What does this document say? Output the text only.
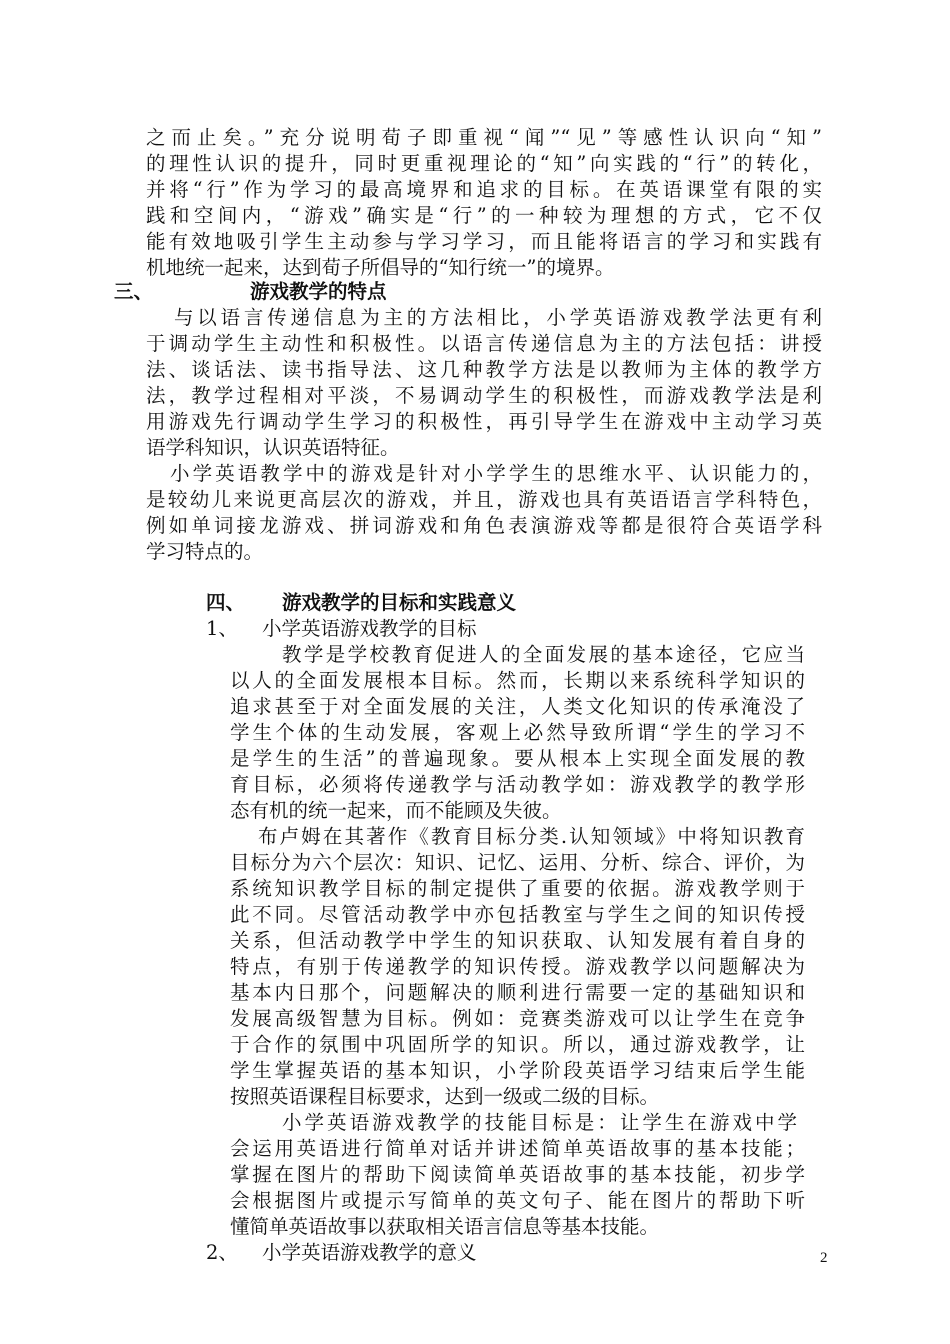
之而止矣。”充分说明荀子即重视“闻”“见”等感性认识向“知”
的理性认识的提升，同时更重视理论的“知”向实践的“行”的转化，
并将“行”作为学习的最高境界和追求的目标。在英语课堂有限的实
践和空间内，“游戏”确实是“行”的一种较为理想的方式，它不仅
能有效地吸引学生主动参与学习学习，而且能将语言的学习和实践有
机地统一起来，达到荀子所倡导的“知行统一”的境界。
三、	游戏教学的特点
与以语言传递信息为主的方法相比，小学英语游戏教学法更有利
于调动学生主动性和积极性。以语言传递信息为主的方法包括：讲授
法、谈话法、读书指导法、这几种教学方法是以教师为主体的教学方
法，教学过程相对平淡，不易调动学生的积极性，而游戏教学法是利
用游戏先行调动学生学习的积极性，再引导学生在游戏中主动学习英
语学科知识，认识英语特征。
小学英语教学中的游戏是针对小学学生的思维水平、认识能力的，
是较幼儿来说更高层次的游戏，并且，游戏也具有英语语言学科特色，
例如单词接龙游戏、拼词游戏和角色表演游戏等都是很符合英语学科
学习特点的。
四、 游戏教学的目标和实践意义
1、 小学英语游戏教学的目标
教学是学校教育促进人的全面发展的基本途径，它应当
以人的全面发展根本目标。然而，长期以来系统科学知识的
追求甚至于对全面发展的关注，人类文化知识的传承淹没了
学生个体的生动发展，客观上必然导致所谓“学生的学习不
是学生的生活”的普遍现象。要从根本上实现全面发展的教
育目标，必须将传递教学与活动教学如：游戏教学的教学形
态有机的统一起来，而不能顾及失彼。
布卢姆在其著作《教育目标分类.认知领域》中将知识教育
目标分为六个层次：知识、记忆、运用、分析、综合、评价，为
系统知识教学目标的制定提供了重要的依据。游戏教学则于
此不同。尽管活动教学中亦包括教室与学生之间的知识传授
关系，但活动教学中学生的知识获取、认知发展有着自身的
特点，有别于传递教学的知识传授。游戏教学以问题解决为
基本内日那个，问题解决的顺利进行需要一定的基础知识和
发展高级智慧为目标。例如：竞赛类游戏可以让学生在竞争
于合作的氛围中巩固所学的知识。所以，通过游戏教学，让
学生掌握英语的基本知识，小学阶段英语学习结束后学生能
按照英语课程目标要求，达到一级或二级的目标。
小学英语游戏教学的技能目标是：让学生在游戏中学
会运用英语进行简单对话并讲述简单英语故事的基本技能；
掌握在图片的帮助下阅读简单英语故事的基本技能，初步学
会根据图片或提示写简单的英文句子、能在图片的帮助下听
懂简单英语故事以获取相关语言信息等基本技能。
2、 小学英语游戏教学的意义	2
